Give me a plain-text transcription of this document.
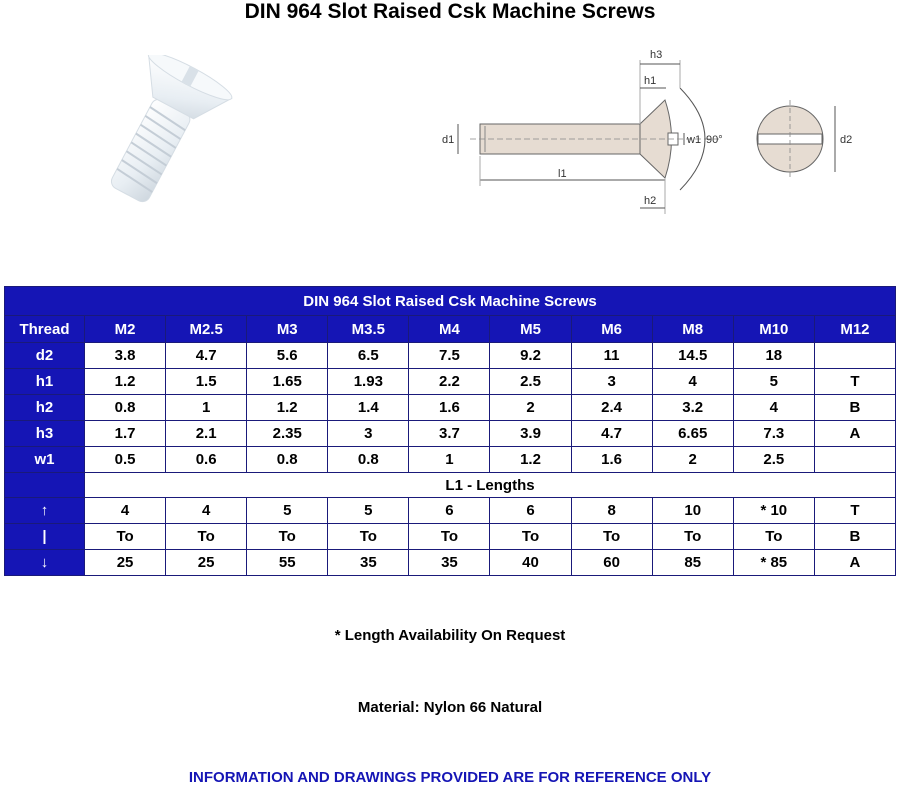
DIN 964 Slot Raised Csk Machine Screws
90°
d1	w1
l1
h3
h1
h2
d2
DIN 964 Slot Raised Csk Machine Screws										
Thread	M2	M2.5	M3	M3.5	M4	M5	M6	M8	M10	M12
d2	3.8	4.7	5.6	6.5	7.5	9.2	11	14.5	18	
h1	1.2	1.5	1.65	1.93	2.2	2.5	3	4	5	T
h2	0.8	1	1.2	1.4	1.6	2	2.4	3.2	4	B
h3	1.7	2.1	2.35	3	3.7	3.9	4.7	6.65	7.3	A
w1	0.5	0.6	0.8	0.8	1	1.2	1.6	2	2.5	
	L1 - Lengths									
↑	4	4	5	5	6	6	8	10	* 10	T
|	To	To	To	To	To	To	To	To	To	B
↓	25	25	55	35	35	40	60	85	* 85	A
* Length Availability On Request
Material: Nylon 66 Natural
INFORMATION AND DRAWINGS PROVIDED ARE FOR REFERENCE ONLY
